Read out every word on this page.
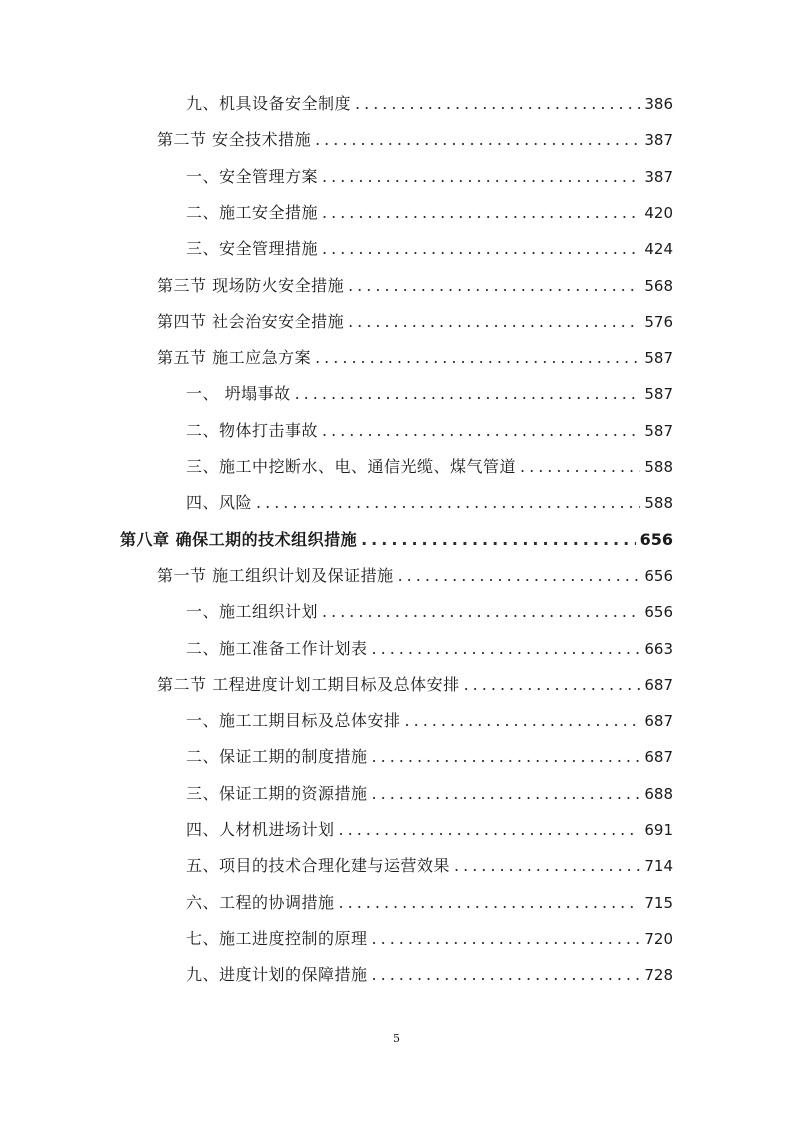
九、机具设备安全制度 .....	386
第二节 安全技术措施 .....	387
一、安全管理方案 .....	387
二、施工安全措施 .....	420
三、安全管理措施 .....	424
第三节 现场防火安全措施 .....	568
第四节 社会治安安全措施 .....	576
第五节 施工应急方案 .....	587
一、 坍塌事故 .....	587
二、物体打击事故 .....	587
三、施工中挖断水、电、通信光缆、煤气管道 .....	588
四、风险 .....	588
第八章 确保工期的技术组织措施 .....	656
第一节 施工组织计划及保证措施 .....	656
一、施工组织计划 .....	656
二、施工准备工作计划表 .....	663
第二节 工程进度计划工期目标及总体安排 .....	687
一、施工工期目标及总体安排 .....	687
二、保证工期的制度措施 .....	687
三、保证工期的资源措施 .....	688
四、人材机进场计划 .....	691
五、项目的技术合理化建与运营效果 .....	714
六、工程的协调措施 .....	715
七、施工进度控制的原理 .....	720
九、进度计划的保障措施 .....	728
5
